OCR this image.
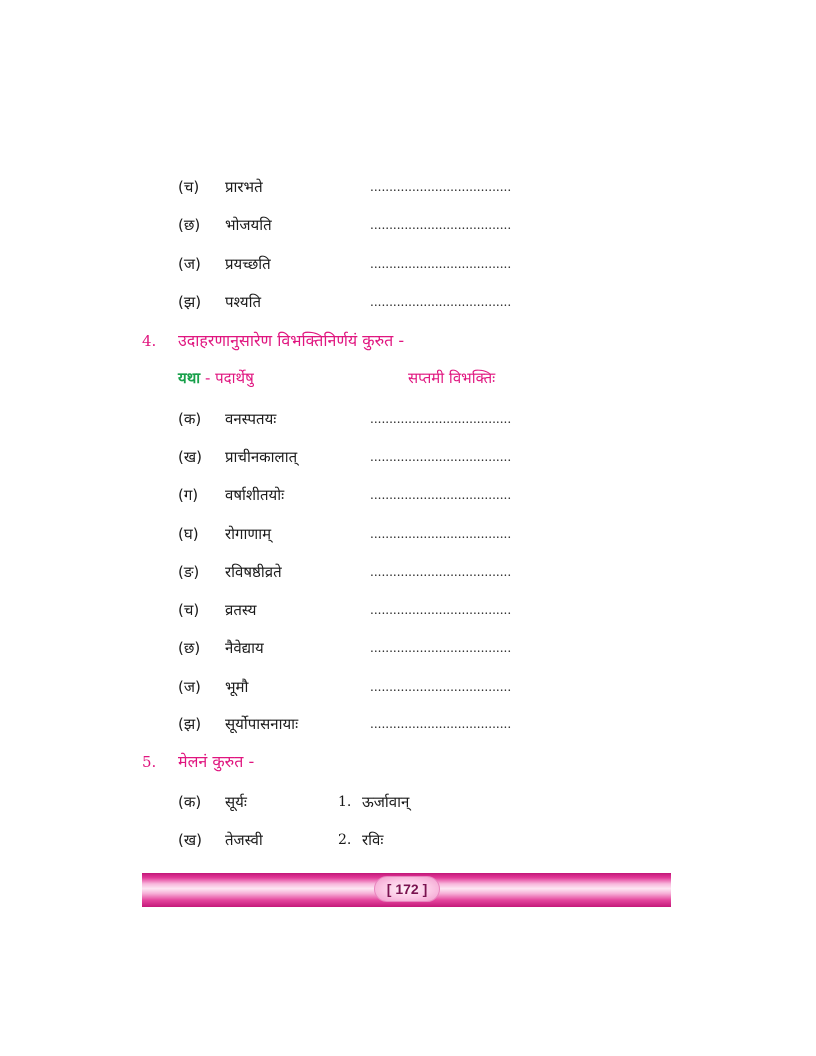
(च)	प्रारभते	.....................................
(छ)	भोजयति	.....................................
(ज)	प्रयच्छति	.....................................
(झ)	पश्यति	.....................................
4. उदाहरणानुसारेण विभक्तिनिर्णयं कुरुत -
यथा - पदार्थेषु	सप्तमी विभक्तिः
(क)	वनस्पतयः	.....................................
(ख)	प्राचीनकालात्	.....................................
(ग)	वर्षाशीतयोः	.....................................
(घ)	रोगाणाम्	.....................................
(ङ)	रविषष्ठीव्रते	.....................................
(च)	व्रतस्य	.....................................
(छ)	नैवेद्याय	.....................................
(ज)	भूमौ	.....................................
(झ)	सूर्योपासनायाः	.....................................
5. मेलनं कुरुत -
(क)	सूर्यः	1. ऊर्जावान्
(ख)	तेजस्वी	2. रविः
[ 172 ]
